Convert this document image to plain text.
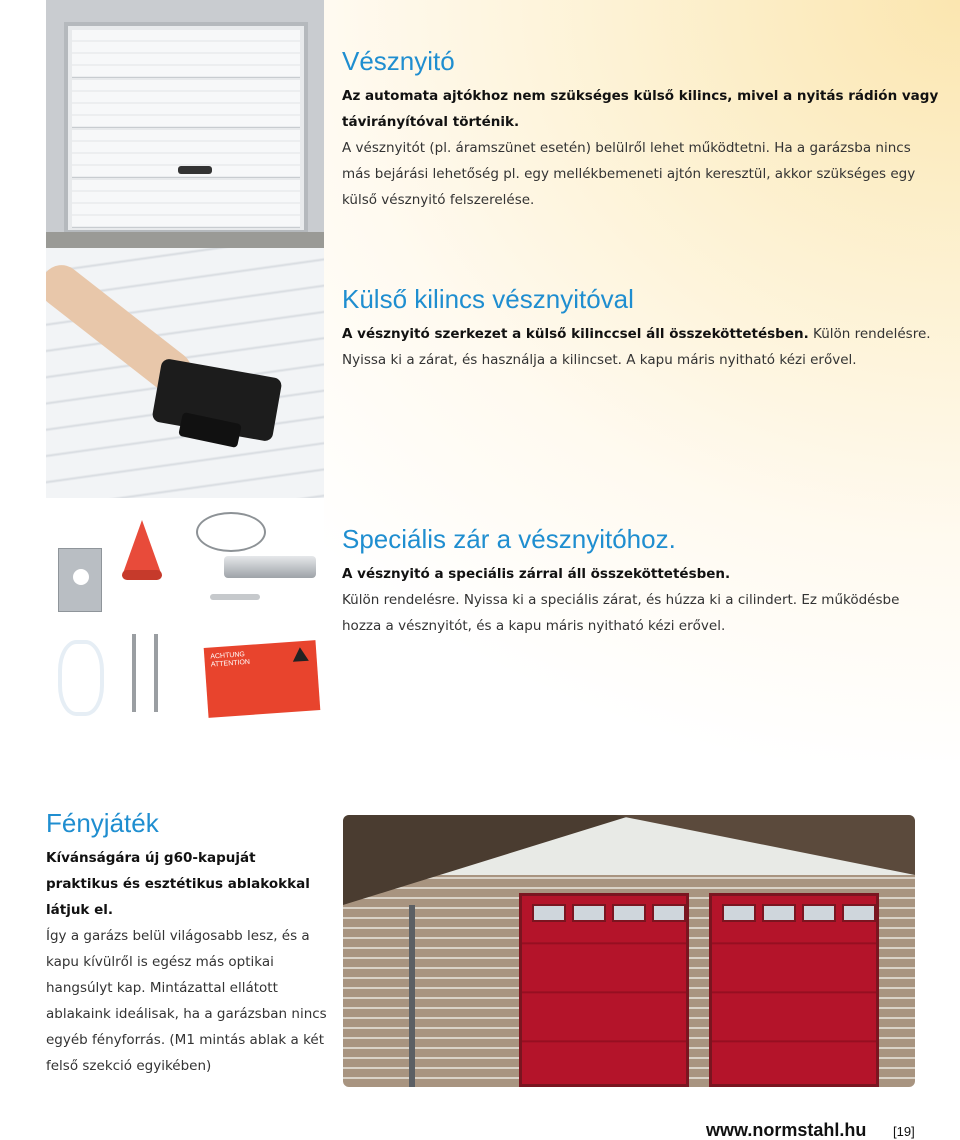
ACHTUNG
ATTENTION
Vésznyitó
Az automata ajtókhoz nem szükséges külső kilincs, mivel a nyitás rádión vagy távirányítóval történik.
A vésznyitót (pl. áramszünet esetén) belülről lehet működtetni. Ha a garázsba nincs más bejárási lehetőség pl. egy mellékbemeneti ajtón keresztül, akkor szükséges egy külső vésznyitó felszerelése.
Külső kilincs vésznyitóval
A vésznyitó szerkezet a külső kilinccsel áll összeköttetésben. Külön rendelésre. Nyissa ki a zárat, és használja a kilincset. A kapu máris nyitható kézi erővel.
Speciális zár a vésznyitóhoz.
A vésznyitó a speciális zárral áll összeköttetésben.
Külön rendelésre. Nyissa ki a speciális zárat, és húzza ki a cilindert. Ez működésbe hozza a vésznyitót, és a kapu máris nyitható kézi erővel.
Fényjáték
Kívánságára új g60-kapuját praktikus és esztétikus ablakokkal látjuk el.
Így a garázs belül világosabb lesz, és a kapu kívülről is egész más optikai hangsúlyt kap. Mintázattal ellátott ablakaink ideálisak, ha a garázsban nincs egyéb fényforrás. (M1 mintás ablak a két felső szekció egyikében)
www.normstahl.hu [19]
